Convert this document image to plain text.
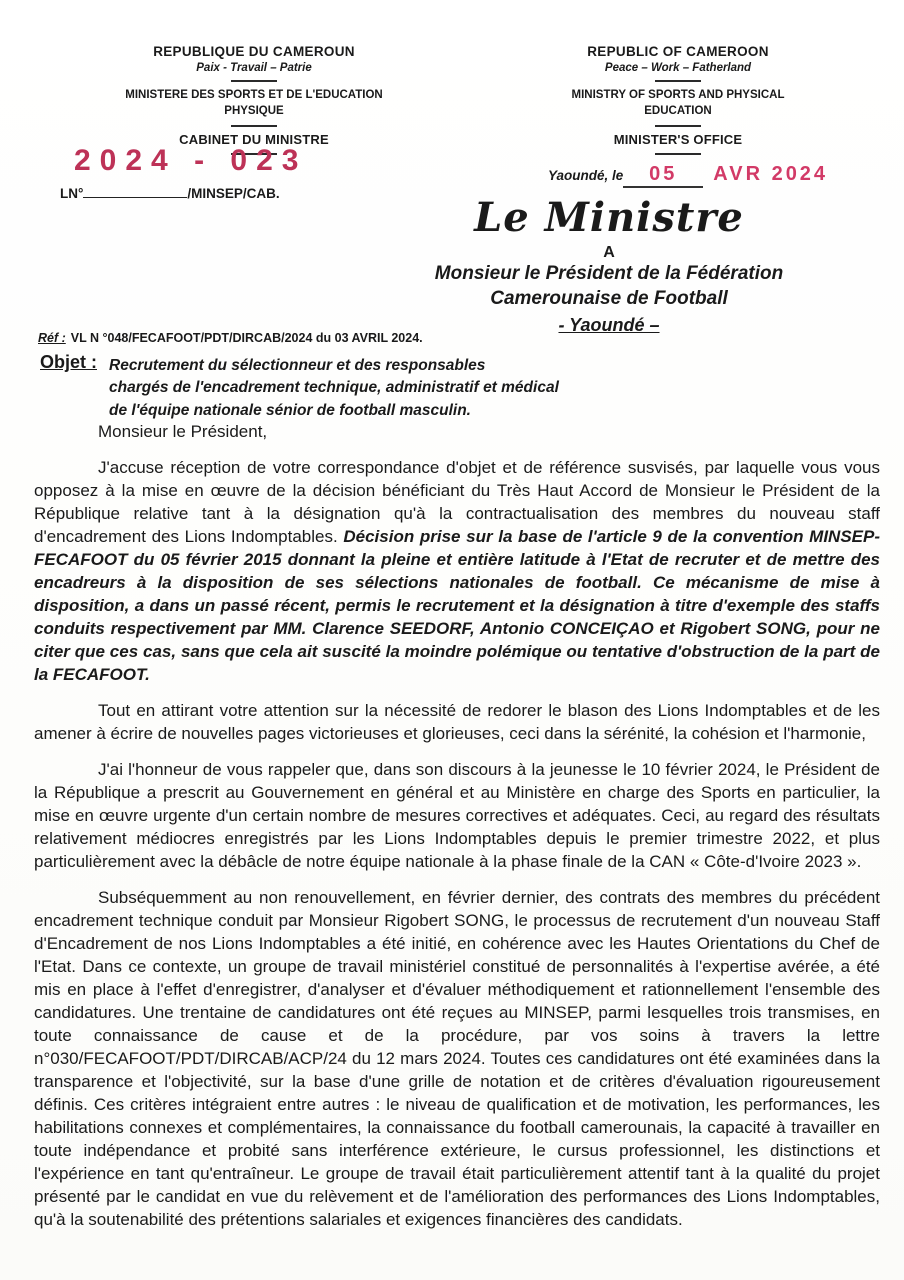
REPUBLIQUE DU CAMEROUN
Paix - Travail – Patrie
MINISTERE DES SPORTS ET DE L'EDUCATION
PHYSIQUE
CABINET DU MINISTRE
2024 - 023
LN°	/MINSEP/CAB.
REPUBLIC OF CAMEROON
Peace – Work – Fatherland
MINISTRY OF SPORTS AND PHYSICAL
EDUCATION
MINISTER'S OFFICE
Yaoundé, le 05 AVR 2024
Le Ministre
A
Monsieur le Président de la Fédération
Camerounaise de Football
- Yaoundé –
Réf : VL N °048/FECAFOOT/PDT/DIRCAB/2024 du 03 AVRIL 2024.
Objet : Recrutement du sélectionneur et des responsables
chargés de l'encadrement technique, administratif et médical
de l'équipe nationale sénior de football masculin.
Monsieur le Président,

J'accuse réception de votre correspondance d'objet et de référence susvisés, par laquelle vous vous opposez à la mise en œuvre de la décision bénéficiant du Très Haut Accord de Monsieur le Président de la République relative tant à la désignation qu'à la contractualisation des membres du nouveau staff d'encadrement des Lions Indomptables. Décision prise sur la base de l'article 9 de la convention MINSEP-FECAFOOT du 05 février 2015 donnant la pleine et entière latitude à l'Etat de recruter et de mettre des encadreurs à la disposition de ses sélections nationales de football. Ce mécanisme de mise à disposition, a dans un passé récent, permis le recrutement et la désignation à titre d'exemple des staffs conduits respectivement par MM. Clarence SEEDORF, Antonio CONCEIÇAO et Rigobert SONG, pour ne citer que ces cas, sans que cela ait suscité la moindre polémique ou tentative d'obstruction de la part de la FECAFOOT.

Tout en attirant votre attention sur la nécessité de redorer le blason des Lions Indomptables et de les amener à écrire de nouvelles pages victorieuses et glorieuses, ceci dans la sérénité, la cohésion et l'harmonie,

J'ai l'honneur de vous rappeler que, dans son discours à la jeunesse le 10 février 2024, le Président de la République a prescrit au Gouvernement en général et au Ministère en charge des Sports en particulier, la mise en œuvre urgente d'un certain nombre de mesures correctives et adéquates. Ceci, au regard des résultats relativement médiocres enregistrés par les Lions Indomptables depuis le premier trimestre 2022, et plus particulièrement avec la débâcle de notre équipe nationale à la phase finale de la CAN « Côte-d'Ivoire 2023 ».

Subséquemment au non renouvellement, en février dernier, des contrats des membres du précédent encadrement technique conduit par Monsieur Rigobert SONG, le processus de recrutement d'un nouveau Staff d'Encadrement de nos Lions Indomptables a été initié, en cohérence avec les Hautes Orientations du Chef de l'Etat. Dans ce contexte, un groupe de travail ministériel constitué de personnalités à l'expertise avérée, a été mis en place à l'effet d'enregistrer, d'analyser et d'évaluer méthodiquement et rationnellement l'ensemble des candidatures. Une trentaine de candidatures ont été reçues au MINSEP, parmi lesquelles trois transmises, en toute connaissance de cause et de la procédure, par vos soins à travers la lettre n°030/FECAFOOT/PDT/DIRCAB/ACP/24 du 12 mars 2024. Toutes ces candidatures ont été examinées dans la transparence et l'objectivité, sur la base d'une grille de notation et de critères d'évaluation rigoureusement définis. Ces critères intégraient entre autres : le niveau de qualification et de motivation, les performances, les habilitations connexes et complémentaires, la connaissance du football camerounais, la capacité à travailler en toute indépendance et probité sans interférence extérieure, le cursus professionnel, les distinctions et l'expérience en tant qu'entraîneur. Le groupe de travail était particulièrement attentif tant à la qualité du projet présenté par le candidat en vue du relèvement et de l'amélioration des performances des Lions Indomptables, qu'à la soutenabilité des prétentions salariales et exigences financières des candidats.
